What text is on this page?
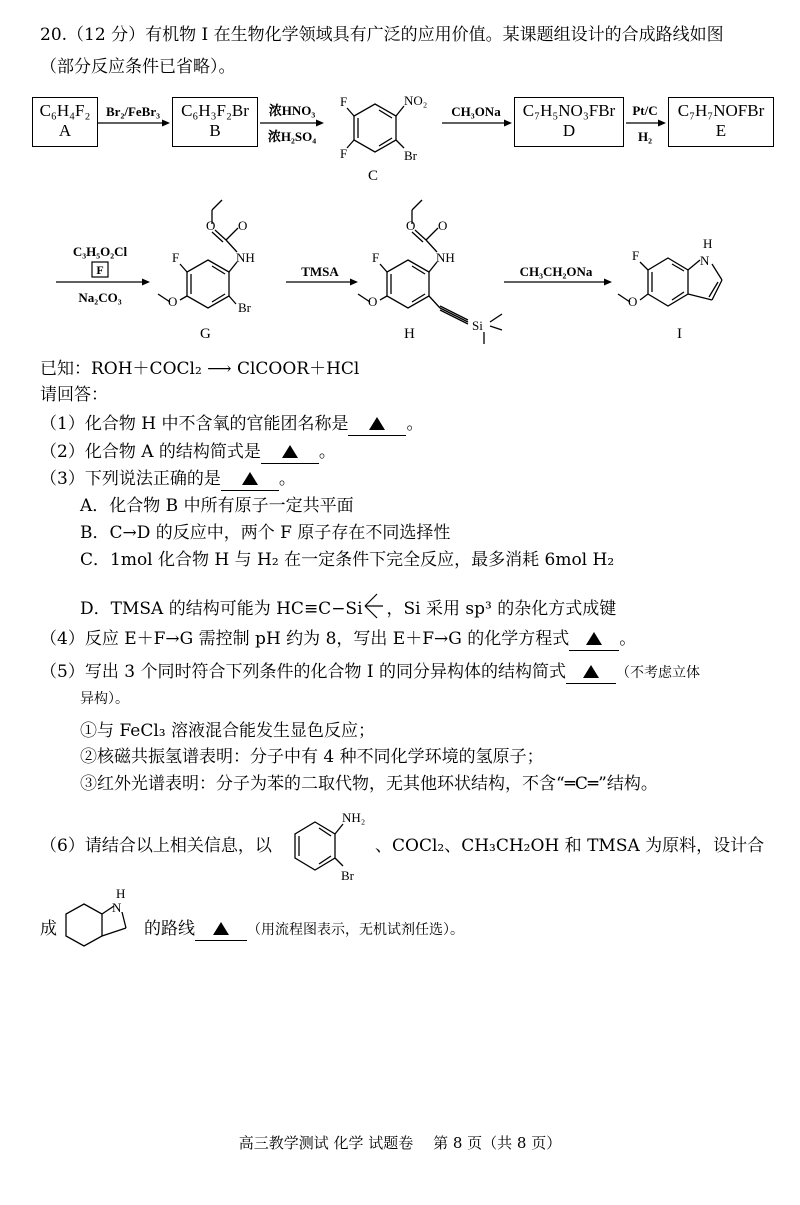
20.（12 分）有机物 I 在生物化学领域具有广泛的应用价值。某课题组设计的合成路线如图
（部分反应条件已省略）。
C₆H₄F₂
A
C₆H₃F₂Br
B
C₇H₅NO₃FBr
D
C₇H₇NOFBr
E
Br₂/FeBr₃	浓HNO₃
浓H₂SO₄
F
F
NO₂
Br
C
CH₃ONa	Pt/C
H₂
C₃H₅O₂Cl
F
Na₂CO₃
F	NH
O	Br
O O
G
TMSA
F	NH
O
O O
Si
H
CH₃CH₂ONa
N
H
F
O
I
已知：ROH＋COCl₂ ⟶ ClCOOR＋HCl
请回答：
（1）化合物 H 中不含氧的官能团名称是	。
（2）化合物 A 的结构简式是	。
（3）下列说法正确的是	。
A．化合物 B 中所有原子一定共平面
B．C→D 的反应中，两个 F 原子存在不同选择性
C．1mol 化合物 H 与 H₂ 在一定条件下完全反应，最多消耗 6mol H₂
D．TMSA 的结构可能为 HC≡C−Si ，Si 采用 sp³ 的杂化方式成键
（4）反应 E＋F→G 需控制 pH 约为 8，写出 E＋F→G 的化学方程式	。
（5）写出 3 个同时符合下列条件的化合物 I 的同分异构体的结构简式	（不考虑立体
异构）。
①与 FeCl₃ 溶液混合能发生显色反应；
②核磁共振氢谱表明：分子中有 4 种不同化学环境的氢原子；
③红外光谱表明：分子为苯的二取代物，无其他环状结构，不含“═C═”结构。
（6）请结合以上相关信息，以
NH₂
Br
、COCl₂、CH₃CH₂OH 和 TMSA 为原料，设计合
成
N
H
的路线	（用流程图表示，无机试剂任选）。
高三教学测试 化学 试题卷　 第 8 页（共 8 页）
